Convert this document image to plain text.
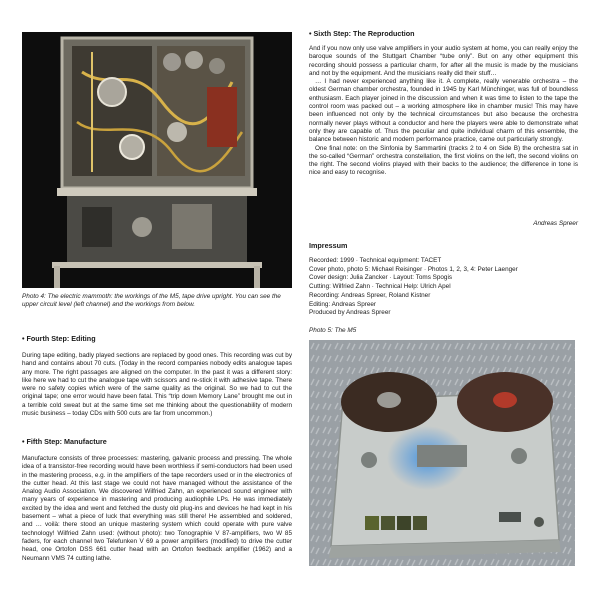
Photo 4: The electric mammoth: the workings of the M5, tape drive upright. You can see the upper circuit level (left channel) and the workings from below.
• Fourth Step: Editing
During tape editing, badly played sections are replaced by good ones. This recording was cut by hand and contains about 70 cuts. (Today in the record companies nobody edits analogue tapes any more. The right passages are aligned on the computer. In the past it was a different story: like here we had to cut the analogue tape with scissors and re-stick it with adhesive tape. There were no safety copies which were of the same quality as the original. So we had to cut the original tape; one error would have been fatal. This “trip down Memory Lane” brought me out in a terrible cold sweat but at the same time set me thinking about the questionability of modern music business – today CDs with 500 cuts are far from uncommon.)
• Fifth Step: Manufacture
Manufacture consists of three processes: mastering, galvanic process and pressing. The whole idea of a transistor-free recording would have been worthless if semi-conductors had been used in the mastering process, e.g. in the amplifiers of the tape recorders used or in the electronics of the cutter head. At this last stage we could not have managed without the assistance of the Analog Audio Association. We discovered Wilfried Zahn, an experienced sound engineer with many years of experience in mastering and producing audiophile LPs. He was immediately excited by the idea and went and fetched the dusty old plug-ins and devices he had kept in his basement – what a piece of luck that everything was still there! He assembled and soldered, and … voilà: there stood an unique mastering system which could operate with pure valve technology! Wilfried Zahn used: (without photo): two Tonographie V 87-amplifiers, two W 85 faders, for each channel two Telefunken V 69 a power amplifiers (modified) to drive the cutter head, one Ortofon DSS 661 cutter head with an Ortofon feedback amplifier (1962) and a Neumann VMS 74 cutting lathe.
• Sixth Step: The Reproduction

And if you now only use valve amplifiers in your audio system at home, you can really enjoy the baroque sounds of the Stuttgart Chamber “tube only”. But on any other equipment this recording should possess a particular charm, for after all the music is made by the musicians and not by the equipment. And the musicians really did their stuff…

… I had never experienced anything like it. A complete, really venerable orchestra – the oldest German chamber orchestra, founded in 1945 by Karl Münchinger, was full of boundless enthusiasm. Each player joined in the discussion and when it was time to listen to the tape the control room was packed out – a working atmosphere like in chamber music! This may have been influenced not only by the technical circumstances but also because the orchestra normally never plays without a conductor and here the players were able to demonstrate what only they are capable of. Thus the peculiar and quite individual charm of this ensemble, the balance between historic and modern performance practice, came out particularly strongly.

One final note: on the Sinfonia by Sammartini (tracks 2 to 4 on Side B) the orchestra sat in the so-called “German” orchestra constellation, the first violins on the left, the second violins on the right. The second violins played with their backs to the audience; the difference in tone is nice and easy to recognise.

Andreas Spreer
Impressum
Recorded: 1999 · Technical equipment: TACET
Cover photo, photo 5: Michael Reisinger · Photos 1, 2, 3, 4: Peter Laenger
Cover design: Julia Zancker · Layout: Toms Spogis
Cutting: Wilfried Zahn · Technical Help: Ulrich Apel
Recording: Andreas Spreer, Roland Kistner
Editing: Andreas Spreer
Produced by Andreas Spreer
Photo 5: The M5
